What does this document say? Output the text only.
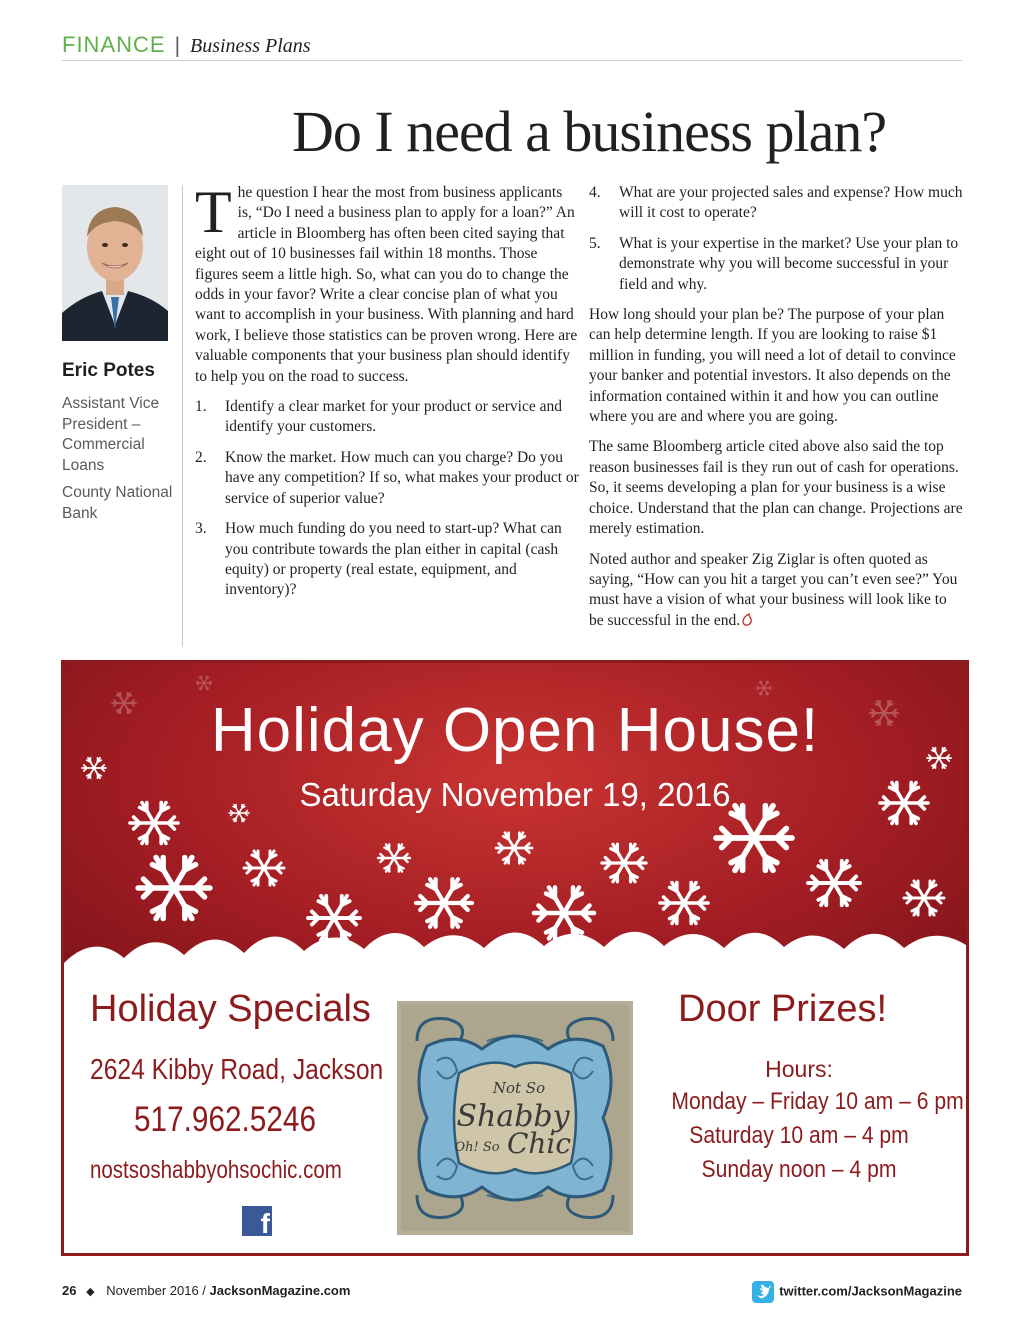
FINANCE | Business Plans
Do I need a business plan?

Eric Potes

Assistant Vice President – Commercial Loans

County National Bank

The question I hear the most from business applicants is, “Do I need a business plan to apply for a loan?” An article in Bloomberg has often been cited saying that eight out of 10 businesses fail within 18 months. Those figures seem a little high. So, what can you do to change the odds in your favor? Write a clear concise plan of what you want to accomplish in your business. With planning and hard work, I believe those statistics can be proven wrong. Here are valuable components that your business plan should identify to help you on the road to success.

1. Identify a clear market for your product or service and identify your customers.
2. Know the market. How much can you charge? Do you have any competition? If so, what makes your product or service of superior value?
3. How much funding do you need to start-up? What can you contribute towards the plan either in capital (cash equity) or property (real estate, equipment, and inventory)?
4. What are your projected sales and expense? How much will it cost to operate?
5. What is your expertise in the market? Use your plan to demonstrate why you will become successful in your field and why.

How long should your plan be? The purpose of your plan can help determine length. If you are looking to raise $1 million in funding, you will need a lot of detail to convince your banker and potential investors. It also depends on the information contained within it and how you can outline where you are and where you are going.

The same Bloomberg article cited above also said the top reason businesses fail is they run out of cash for operations. So, it seems developing a plan for your business is a wise choice. Understand that the plan can change. Projections are merely estimation.

Noted author and speaker Zig Ziglar is often quoted as saying, “How can you hit a target you can’t even see?” You must have a vision of what your business will look like to be successful in the end.

Holiday Open House!
Saturday November 19, 2016
Holiday Specials
2624 Kibby Road, Jackson
517.962.5246
nostsoshabbyohsochic.com
f
Not So
Shabby
Oh! So Chic
Door Prizes!
Hours:
Monday – Friday 10 am – 6 pm
Saturday 10 am – 4 pm
Sunday noon – 4 pm
26 ◆ November 2016 / JacksonMagazine.com	twitter.com/JacksonMagazine
